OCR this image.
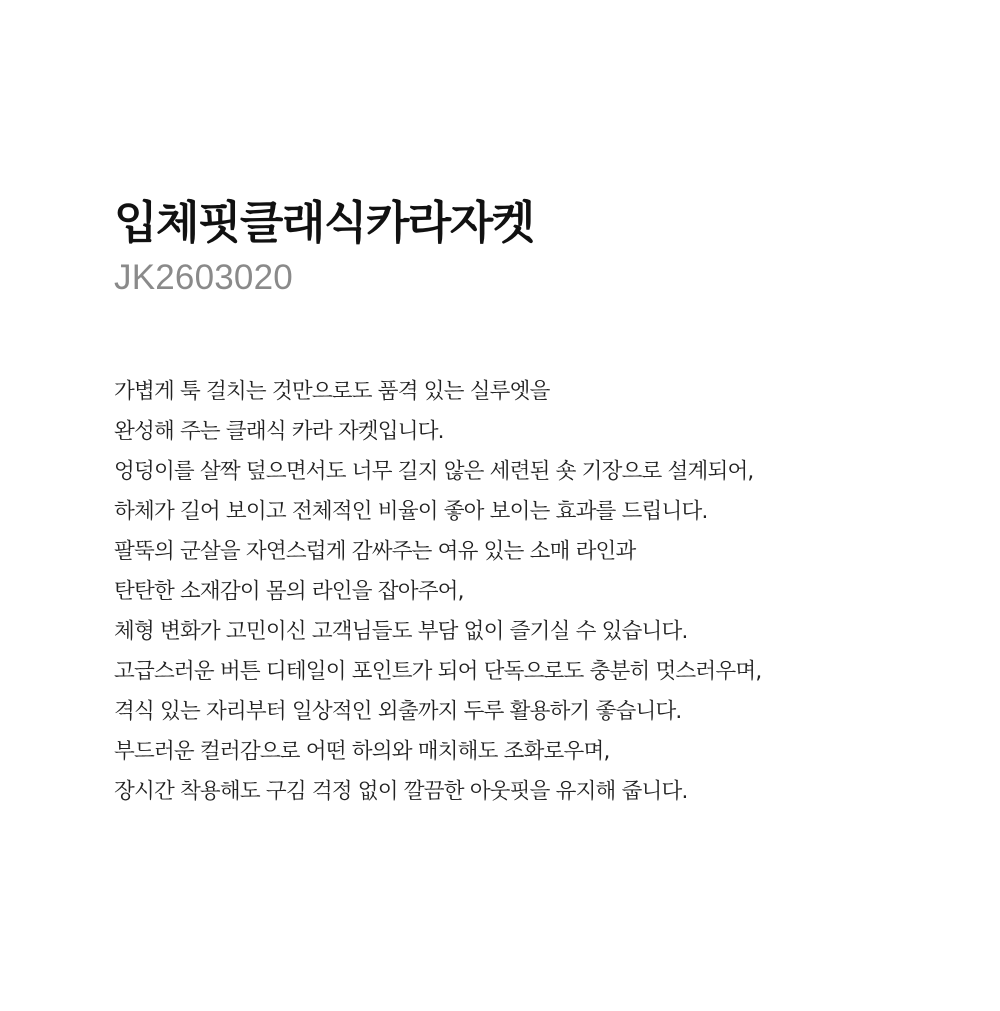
입체핏클래식카라자켓
JK2603020
가볍게 툭 걸치는 것만으로도 품격 있는 실루엣을
완성해 주는 클래식 카라 자켓입니다.
엉덩이를 살짝 덮으면서도 너무 길지 않은 세련된 숏 기장으로 설계되어,
하체가 길어 보이고 전체적인 비율이 좋아 보이는 효과를 드립니다.
팔뚝의 군살을 자연스럽게 감싸주는 여유 있는 소매 라인과
탄탄한 소재감이 몸의 라인을 잡아주어,
체형 변화가 고민이신 고객님들도 부담 없이 즐기실 수 있습니다.
고급스러운 버튼 디테일이 포인트가 되어 단독으로도 충분히 멋스러우며,
격식 있는 자리부터 일상적인 외출까지 두루 활용하기 좋습니다.
부드러운 컬러감으로 어떤 하의와 매치해도 조화로우며,
장시간 착용해도 구김 걱정 없이 깔끔한 아웃핏을 유지해 줍니다.
